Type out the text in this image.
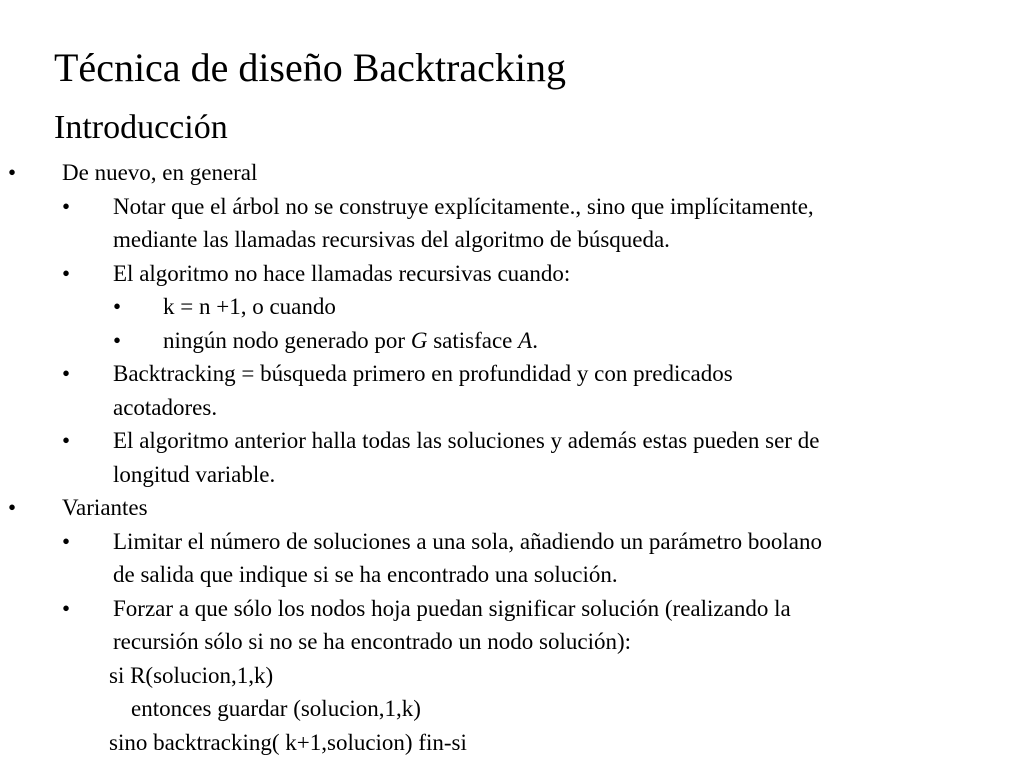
Técnica de diseño Backtracking
Introducción
• De nuevo, en general
• Notar que el árbol no se construye explícitamente., sino que implícitamente,
mediante las llamadas recursivas del algoritmo de búsqueda.
• El algoritmo no hace llamadas recursivas cuando:
• k = n +1, o cuando
• ningún nodo generado por G satisface A.
• Backtracking = búsqueda primero en profundidad y con predicados
acotadores.
• El algoritmo anterior halla todas las soluciones y además estas pueden ser de
longitud variable.
• Variantes
• Limitar el número de soluciones a una sola, añadiendo un parámetro boolano
de salida que indique si se ha encontrado una solución.
• Forzar a que sólo los nodos hoja puedan significar solución (realizando la
recursión sólo si no se ha encontrado un nodo solución):
si R(solucion,1,k)
entonces guardar (solucion,1,k)
sino backtracking( k+1,solucion) fin-si
